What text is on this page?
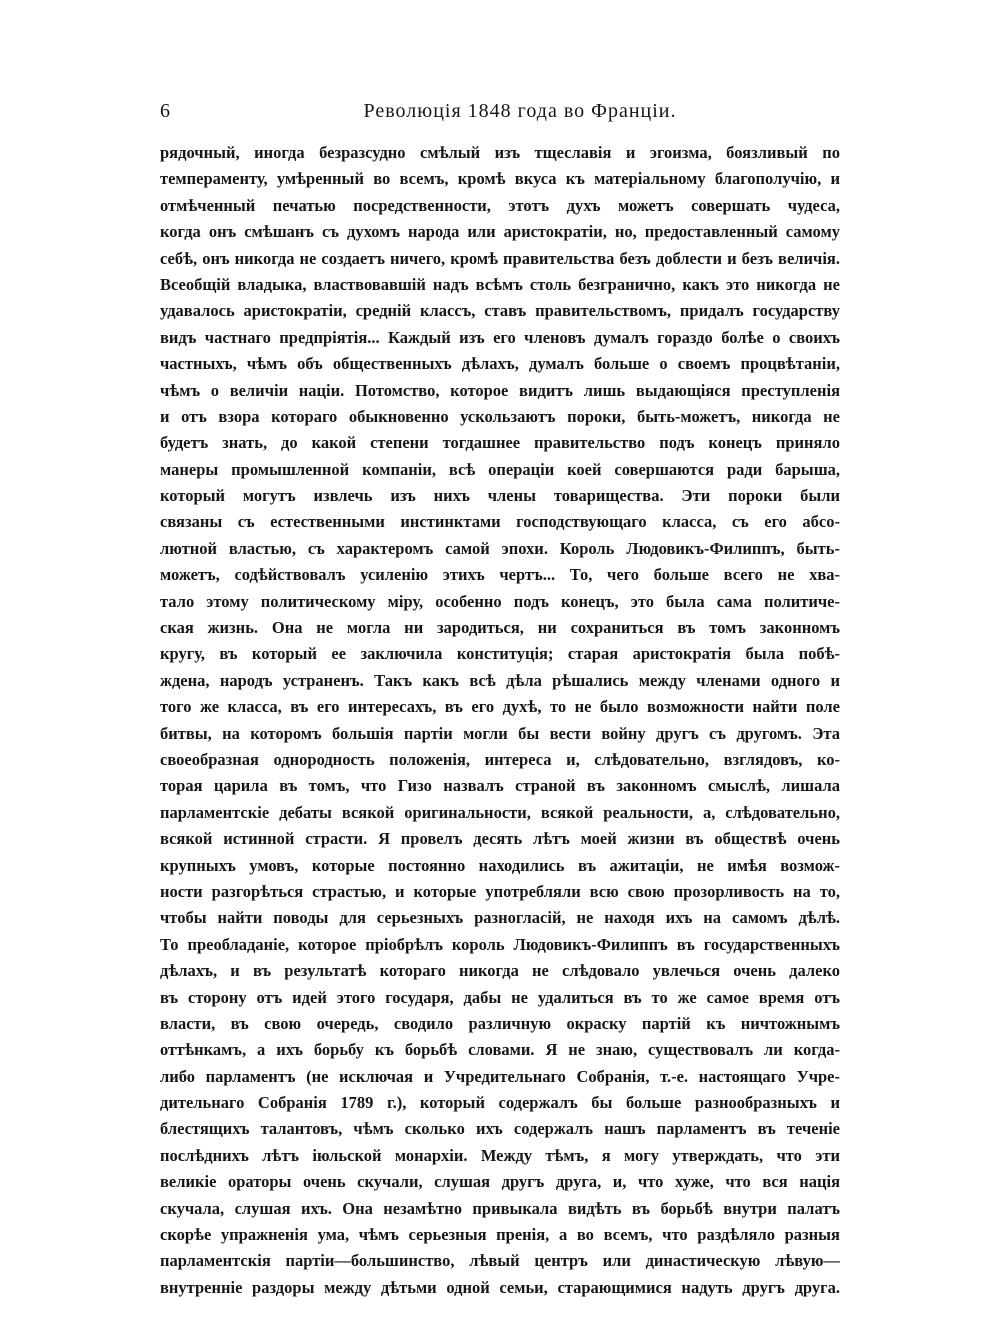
6	Революція 1848 года во Франціи.
рядочный, иногда безразсудно смѣлый изъ тщеславія и эгоизма, боязливый по
темпераменту, умѣренный во всемъ, кромѣ вкуса къ матеріальному благополучію, и
отмѣченный печатью посредственности, этотъ духъ можетъ совершать чудеса,
когда онъ смѣшанъ съ духомъ народа или аристократіи, но, предоставленный самому
себѣ, онъ никогда не создаетъ ничего, кромѣ правительства безъ доблести и безъ величія.
Всеобщій владыка, властвовавшій надъ всѣмъ столь безгранично, какъ это никогда не
удавалось аристократіи, средній классъ, ставъ правительствомъ, придалъ государству
видъ частнаго предпріятія... Каждый изъ его членовъ думалъ гораздо болѣе о своихъ
частныхъ, чѣмъ объ общественныхъ дѣлахъ, думалъ больше о своемъ процвѣтаніи,
чѣмъ о величіи націи. Потомство, которое видитъ лишь выдающіяся преступленія
и отъ взора котораго обыкновенно ускользаютъ пороки, быть-можетъ, никогда не
будетъ знать, до какой степени тогдашнее правительство подъ конецъ приняло
манеры промышленной компаніи, всѣ операціи коей совершаются ради барыша,
который могутъ извлечь изъ нихъ члены товарищества. Эти пороки были
связаны съ естественными инстинктами господствующаго класса, съ его абсо-
лютной властью, съ характеромъ самой эпохи. Король Людовикъ-Филиппъ, быть-
можетъ, содѣйствовалъ усиленію этихъ чертъ... То, чего больше всего не хва-
тало этому политическому міру, особенно подъ конецъ, это была сама политиче-
ская жизнь. Она не могла ни зародиться, ни сохраниться въ томъ законномъ
кругу, въ который ее заключила конституція; старая аристократія была побѣ-
ждена, народъ устраненъ. Такъ какъ всѣ дѣла рѣшались между членами одного и
того же класса, въ его интересахъ, въ его духѣ, то не было возможности найти поле
битвы, на которомъ большія партіи могли бы вести войну другъ съ другомъ. Эта
своеобразная однородность положенія, интереса и, слѣдовательно, взглядовъ, ко-
торая царила въ томъ, что Гизо назвалъ страной въ законномъ смыслѣ, лишала
парламентскіе дебаты всякой оригинальности, всякой реальности, а, слѣдовательно,
всякой истинной страсти. Я провелъ десять лѣтъ моей жизни въ обществѣ очень
крупныхъ умовъ, которые постоянно находились въ ажитаціи, не имѣя возмож-
ности разгорѣться страстью, и которые употребляли всю свою прозорливость на то,
чтобы найти поводы для серьезныхъ разногласій, не находя ихъ на самомъ дѣлѣ.
То преобладаніе, которое пріобрѣлъ король Людовикъ-Филиппъ въ государственныхъ
дѣлахъ, и въ результатѣ котораго никогда не слѣдовало увлечься очень далеко
въ сторону отъ идей этого государя, дабы не удалиться въ то же самое время отъ
власти, въ свою очередь, сводило различную окраску партій къ ничтожнымъ
оттѣнкамъ, а ихъ борьбу къ борьбѣ словами. Я не знаю, существовалъ ли когда-
либо парламентъ (не исключая и Учредительнаго Собранія, т.-е. настоящаго Учре-
дительнаго Собранія 1789 г.), который содержалъ бы больше разнообразныхъ и
блестящихъ талантовъ, чѣмъ сколько ихъ содержалъ нашъ парламентъ въ теченіе
послѣднихъ лѣтъ іюльской монархіи. Между тѣмъ, я могу утверждать, что эти
великіе ораторы очень скучали, слушая другъ друга, и, что хуже, что вся нація
скучала, слушая ихъ. Она незамѣтно привыкала видѣть въ борьбѣ внутри палатъ
скорѣе упражненія ума, чѣмъ серьезныя пренія, а во всемъ, что раздѣляло разныя
парламентскія партіи—большинство, лѣвый центръ или династическую лѣвую—
внутренніе раздоры между дѣтьми одной семьи, старающимися надуть другъ друга.
